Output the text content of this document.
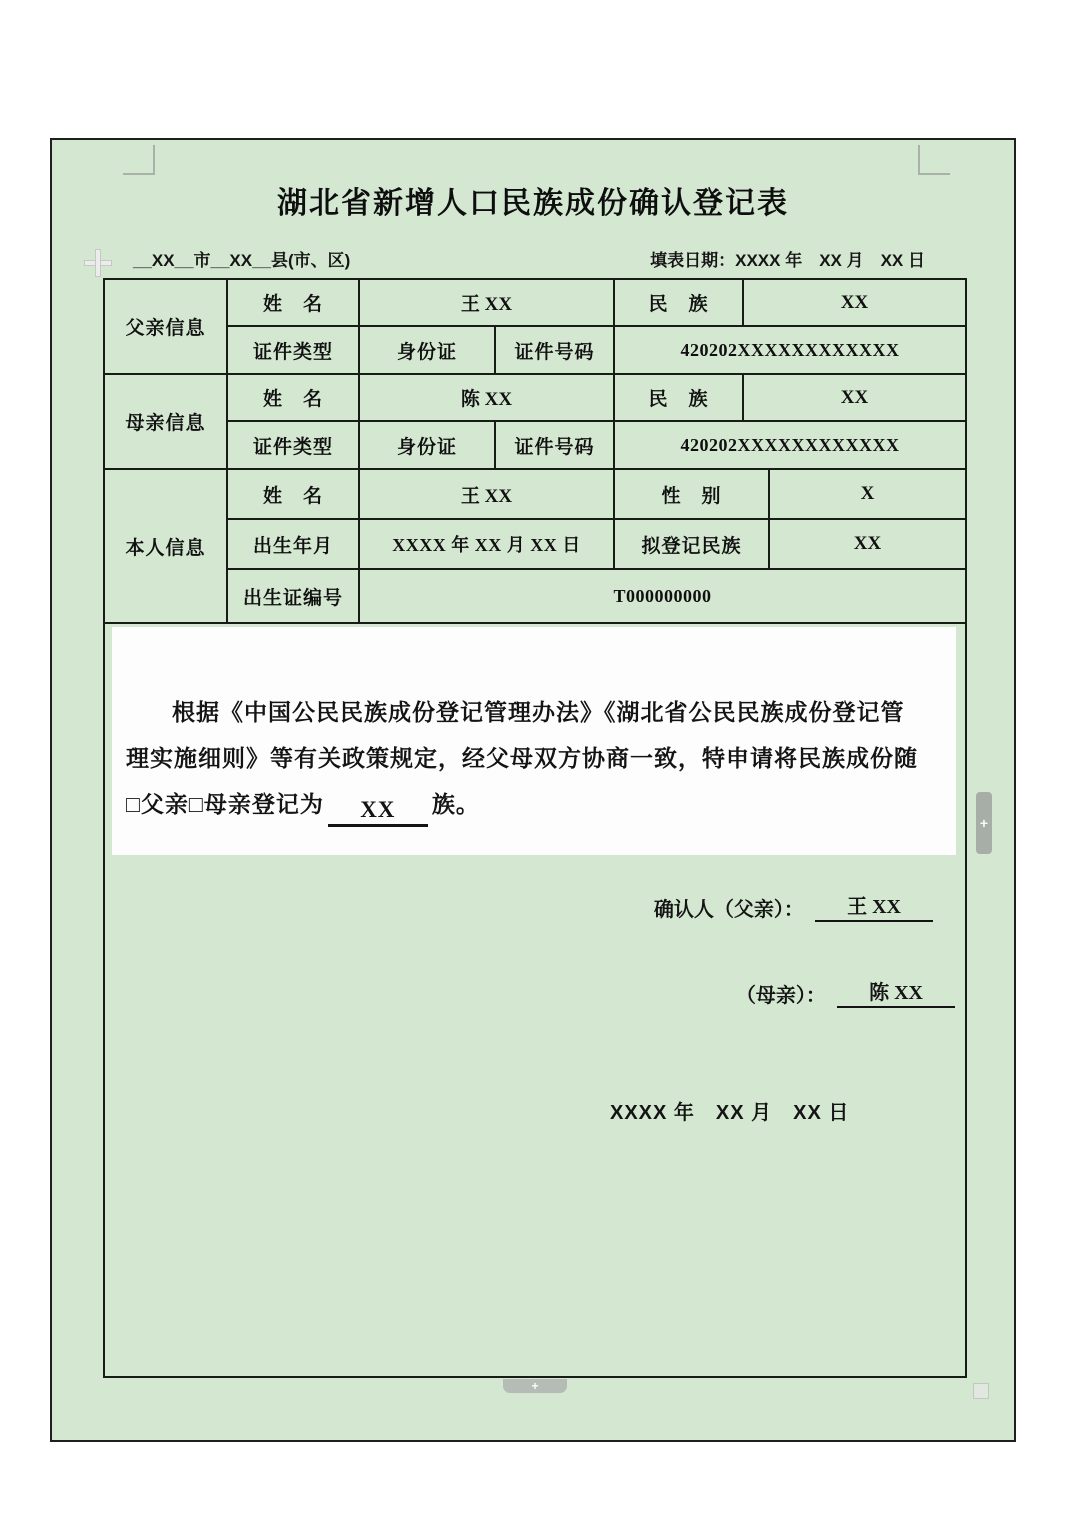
湖北省新增人口民族成份确认登记表
__XX__市__XX__县(市、区)	填表日期：XXXX 年　XX 月　XX 日
父亲信息	姓　名	王 XX		民　族	XX	
	证件类型	身份证	证件号码	420202XXXXXXXXXXXX		
母亲信息	姓　名	陈 XX		民　族	XX	
	证件类型	身份证	证件号码	420202XXXXXXXXXXXX		
本人信息	姓　名	王 XX		性　别		X
	出生年月	XXXX 年 XX 月 XX 日		拟登记民族		XX
	出生证编号	T000000000				

根据《中国公民民族成份登记管理办法》《湖北省公民民族成份登记管
理实施细则》等有关政策规定，经父母双方协商一致，特申请将民族成份随
□父亲□母亲登记为 XX 族。

确认人（父亲）：  王 XX

（母亲）：  陈 XX

XXXX 年　XX 月　XX 日
+
+
